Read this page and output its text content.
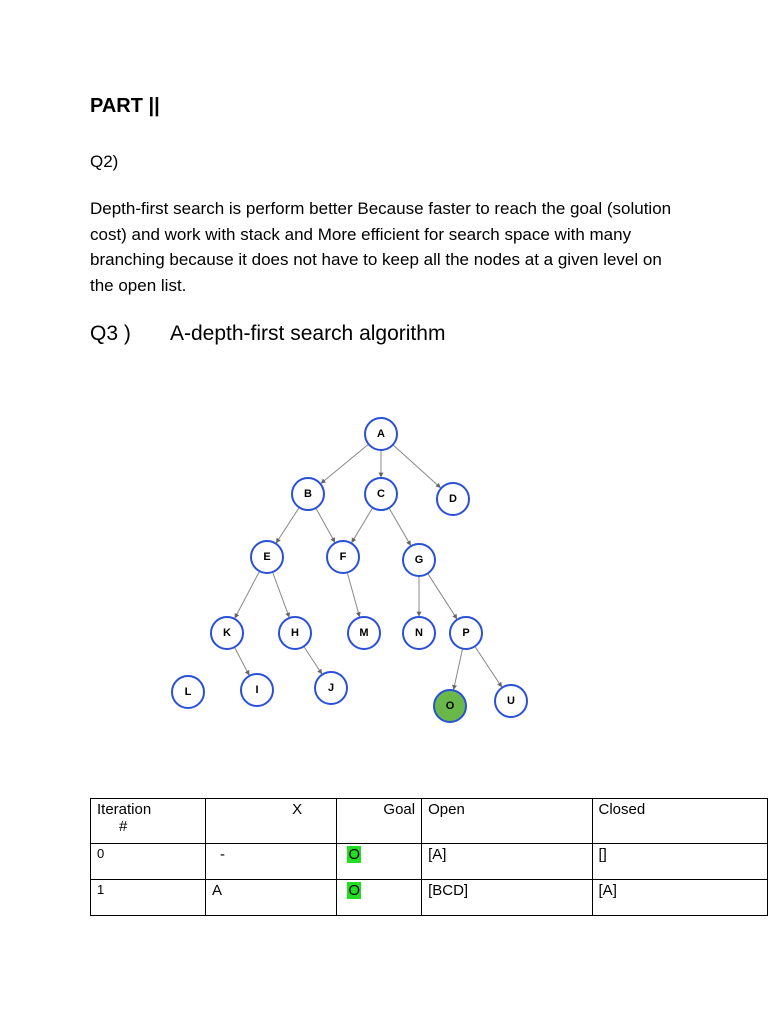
PART ||
Q2)
Depth-first search is perform better Because faster to reach the goal (solution cost) and work with stack and More efficient for search space with many branching because it does not have to keep all the nodes at a given level on the open list.
Q3 ) A-depth-first search algorithm
A
B	C	D
E	F	G
K	H	M	N	P
L	I	J
O	U
Iteration
#	X	Goal	Open	Closed
0	-	O	[A]	[]
1	A	O	[BCD]	[A]
